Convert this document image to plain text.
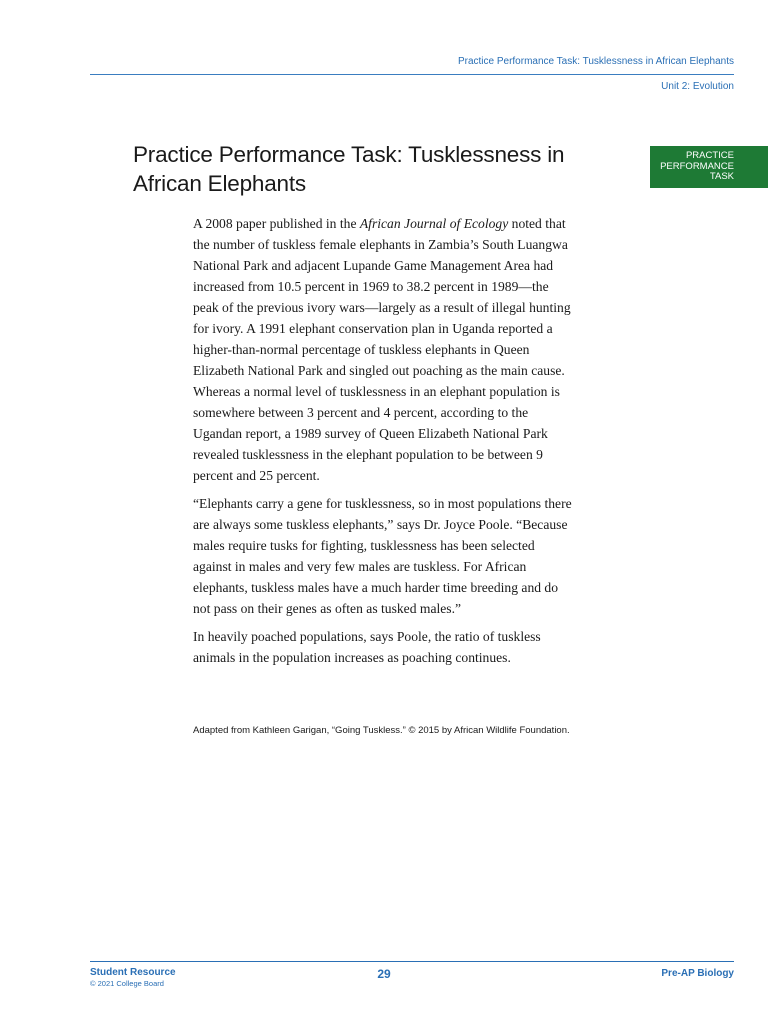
Practice Performance Task: Tusklessness in African Elephants
Unit 2: Evolution
Practice Performance Task: Tusklessness in African Elephants
PRACTICE
PERFORMANCE
TASK

A 2008 paper published in the African Journal of Ecology noted that the number of tuskless female elephants in Zambia’s South Luangwa National Park and adjacent Lupande Game Management Area had increased from 10.5 percent in 1969 to 38.2 percent in 1989—the peak of the previous ivory wars—largely as a result of illegal hunting for ivory. A 1991 elephant conservation plan in Uganda reported a higher-than-normal percentage of tuskless elephants in Queen Elizabeth National Park and singled out poaching as the main cause. Whereas a normal level of tusklessness in an elephant population is somewhere between 3 percent and 4 percent, according to the Ugandan report, a 1989 survey of Queen Elizabeth National Park revealed tusklessness in the elephant population to be between 9 percent and 25 percent.

“Elephants carry a gene for tusklessness, so in most populations there are always some tuskless elephants,” says Dr. Joyce Poole. “Because males require tusks for fighting, tusklessness has been selected against in males and very few males are tuskless. For African elephants, tuskless males have a much harder time breeding and do not pass on their genes as often as tusked males.”

In heavily poached populations, says Poole, the ratio of tuskless animals in the population increases as poaching continues.

Adapted from Kathleen Garigan, “Going Tuskless.” © 2015 by African Wildlife Foundation.
Student Resource
© 2021 College Board
29	Pre-AP Biology
